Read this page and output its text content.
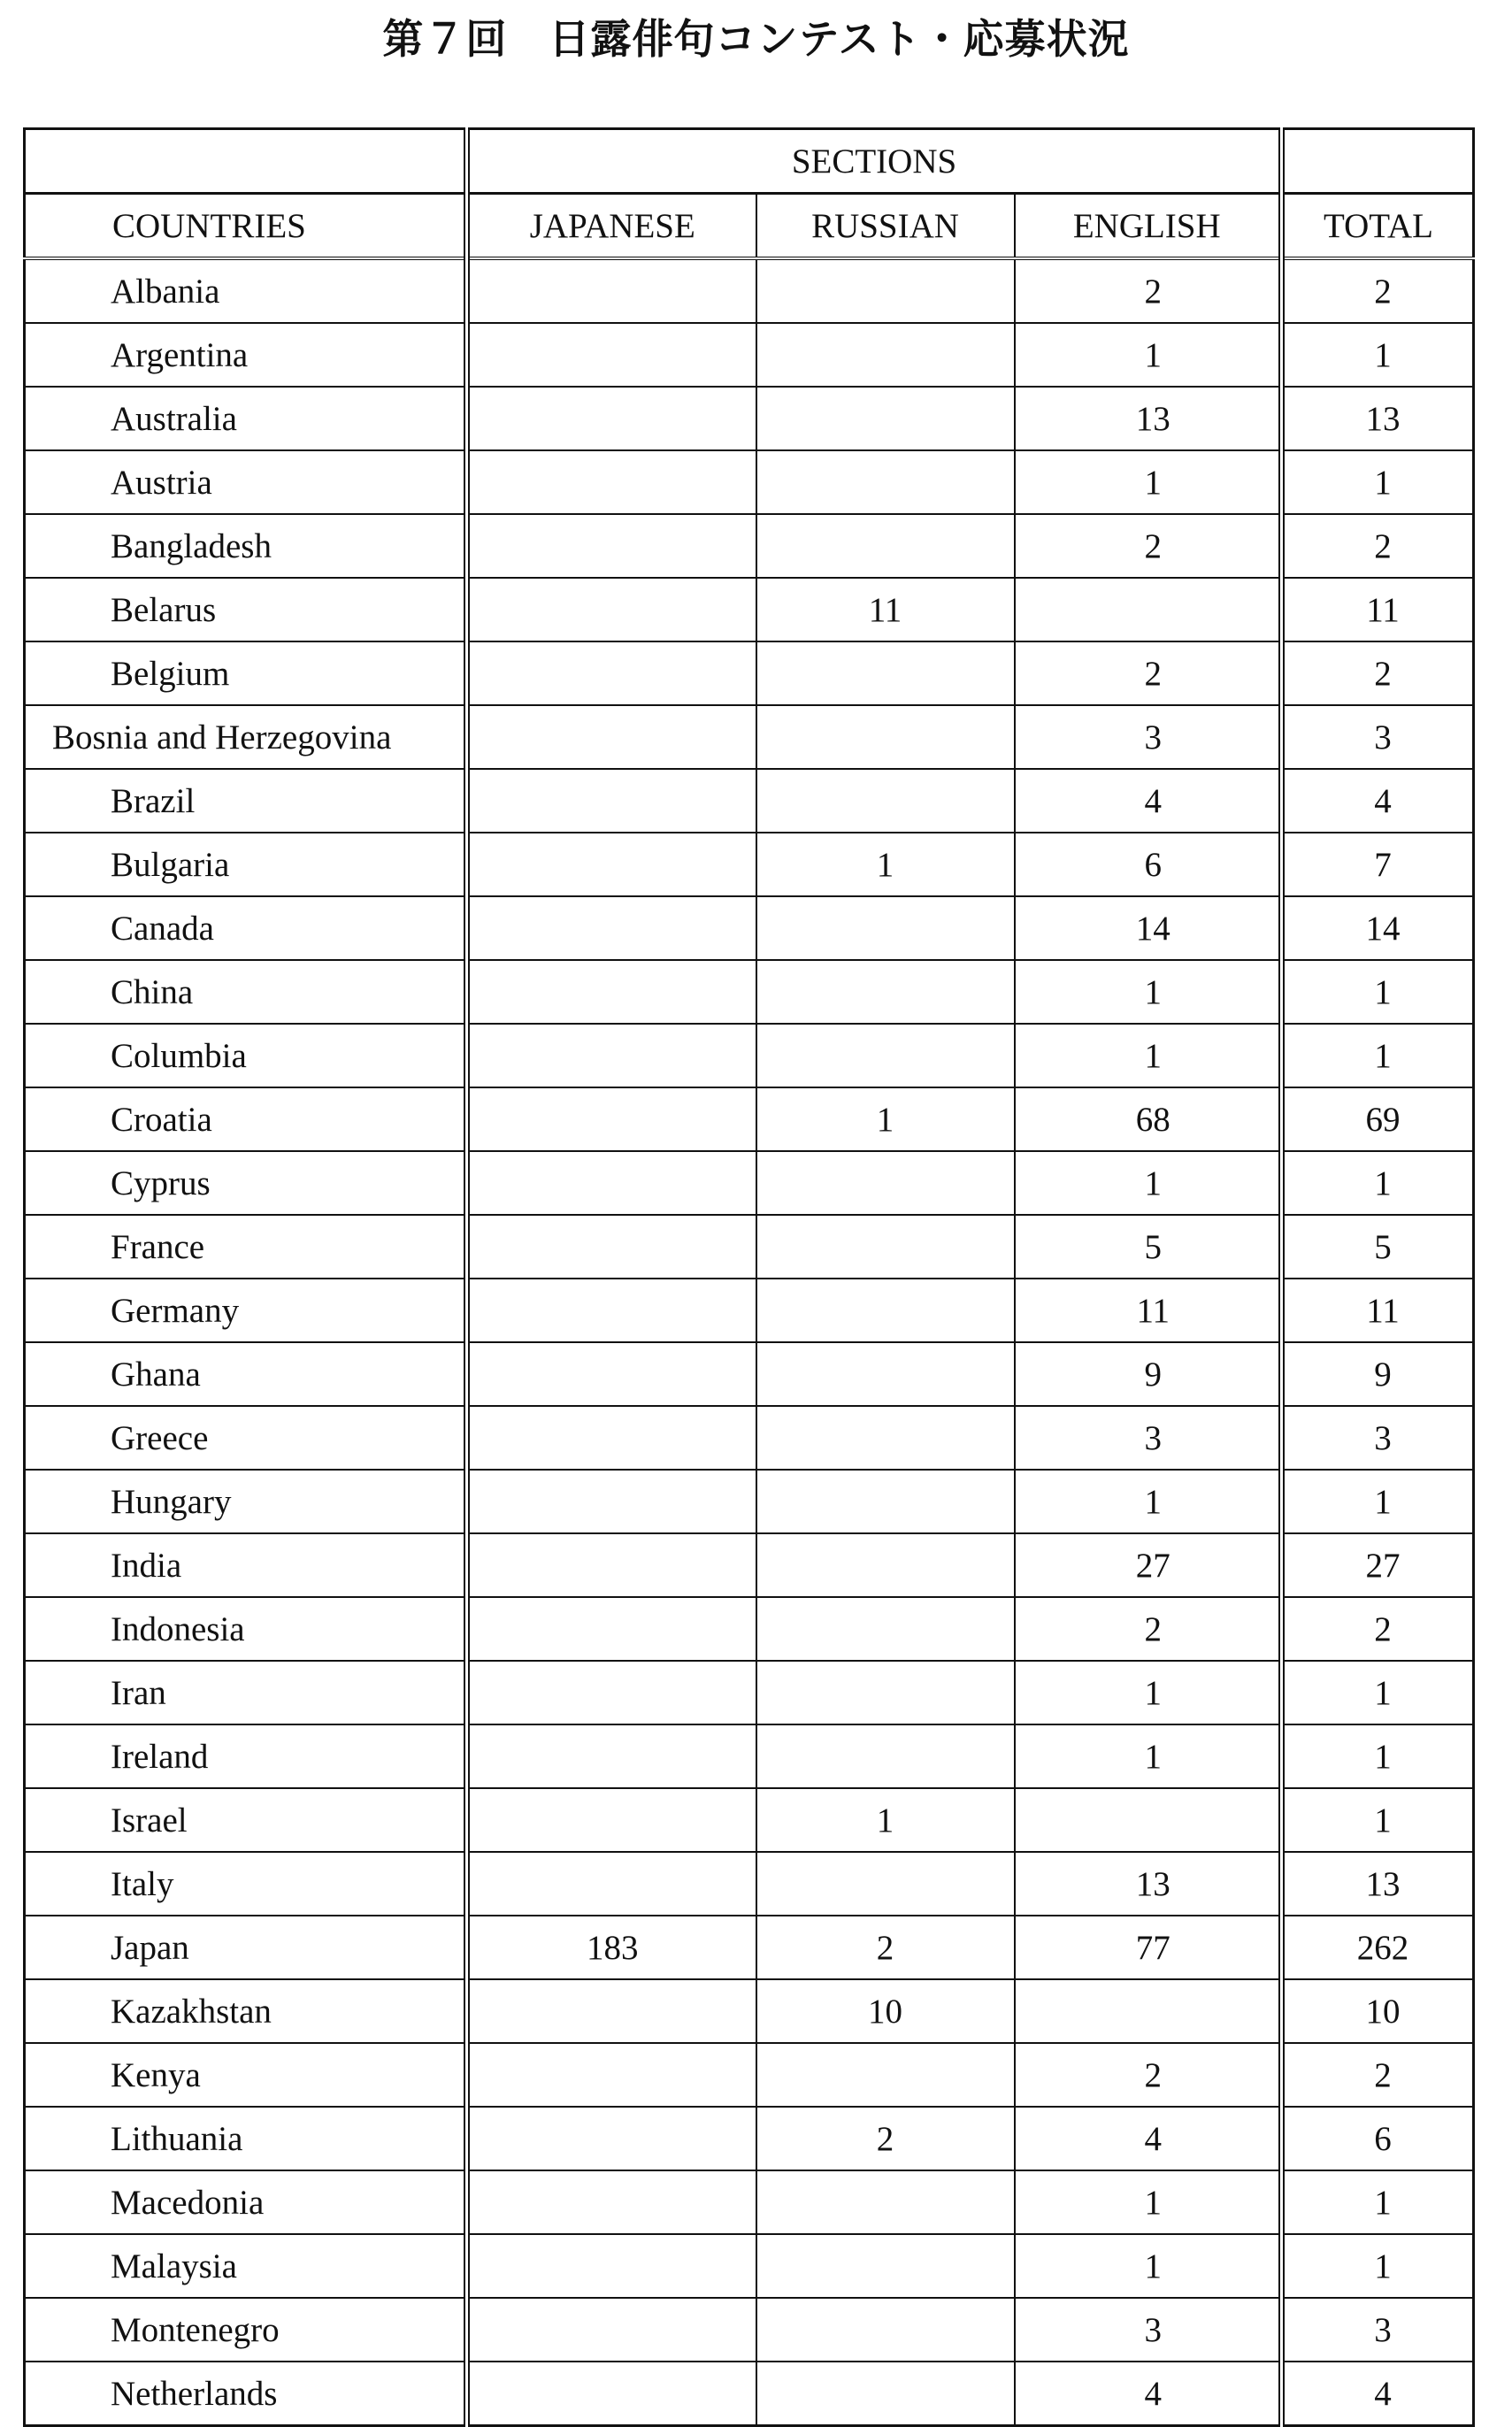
第７回　日露俳句コンテスト・応募状況
	SECTIONS			
COUNTRIES	JAPANESE	RUSSIAN	ENGLISH	TOTAL
Albania			2	2
Argentina			1	1
Australia			13	13
Austria			1	1
Bangladesh			2	2
Belarus		11		11
Belgium			2	2
Bosnia and Herzegovina			3	3
Brazil			4	4
Bulgaria		1	6	7
Canada			14	14
China			1	1
Columbia			1	1
Croatia		1	68	69
Cyprus			1	1
France			5	5
Germany			11	11
Ghana			9	9
Greece			3	3
Hungary			1	1
India			27	27
Indonesia			2	2
Iran			1	1
Ireland			1	1
Israel		1		1
Italy			13	13
Japan	183	2	77	262
Kazakhstan		10		10
Kenya			2	2
Lithuania		2	4	6
Macedonia			1	1
Malaysia			1	1
Montenegro			3	3
Netherlands			4	4
